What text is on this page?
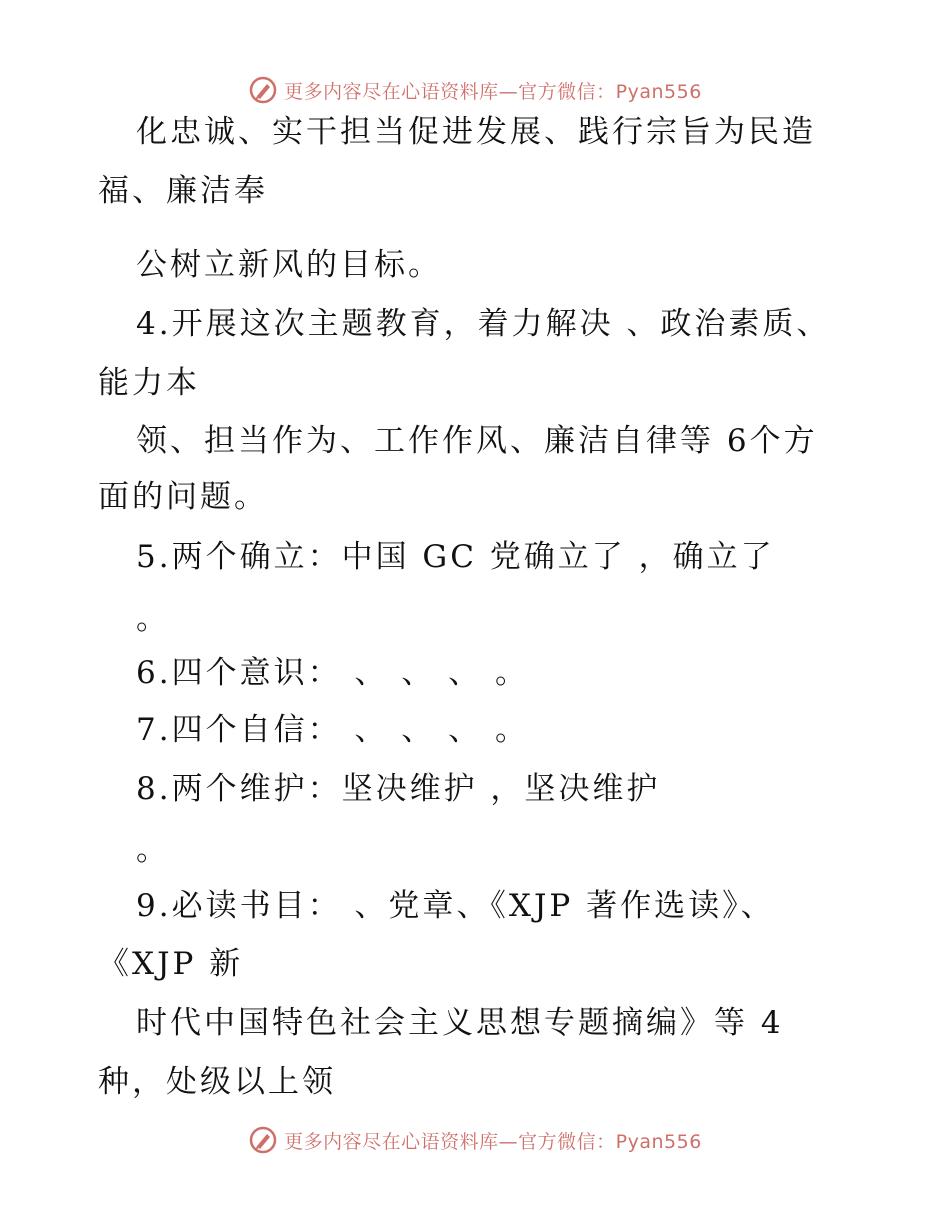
更多内容尽在心语资料库—官方微信：Pyan556
化忠诚、实干担当促进发展、践行宗旨为民造
福、廉洁奉
公树立新风的目标。
4.开展这次主题教育，着力解决 、政治素质、
能力本
领、担当作为、工作作风、廉洁自律等 6个方
面的问题。
5.两个确立：中国 GC 党确立了 ，确立了
。
6.四个意识： 、 、 、 。
7.四个自信： 、 、 、 。
8.两个维护：坚决维护 ，坚决维护
。
9.必读书目： 、党章、《XJP 著作选读》、
《XJP 新
时代中国特色社会主义思想专题摘编》等 4
种，处级以上领
更多内容尽在心语资料库—官方微信：Pyan556
